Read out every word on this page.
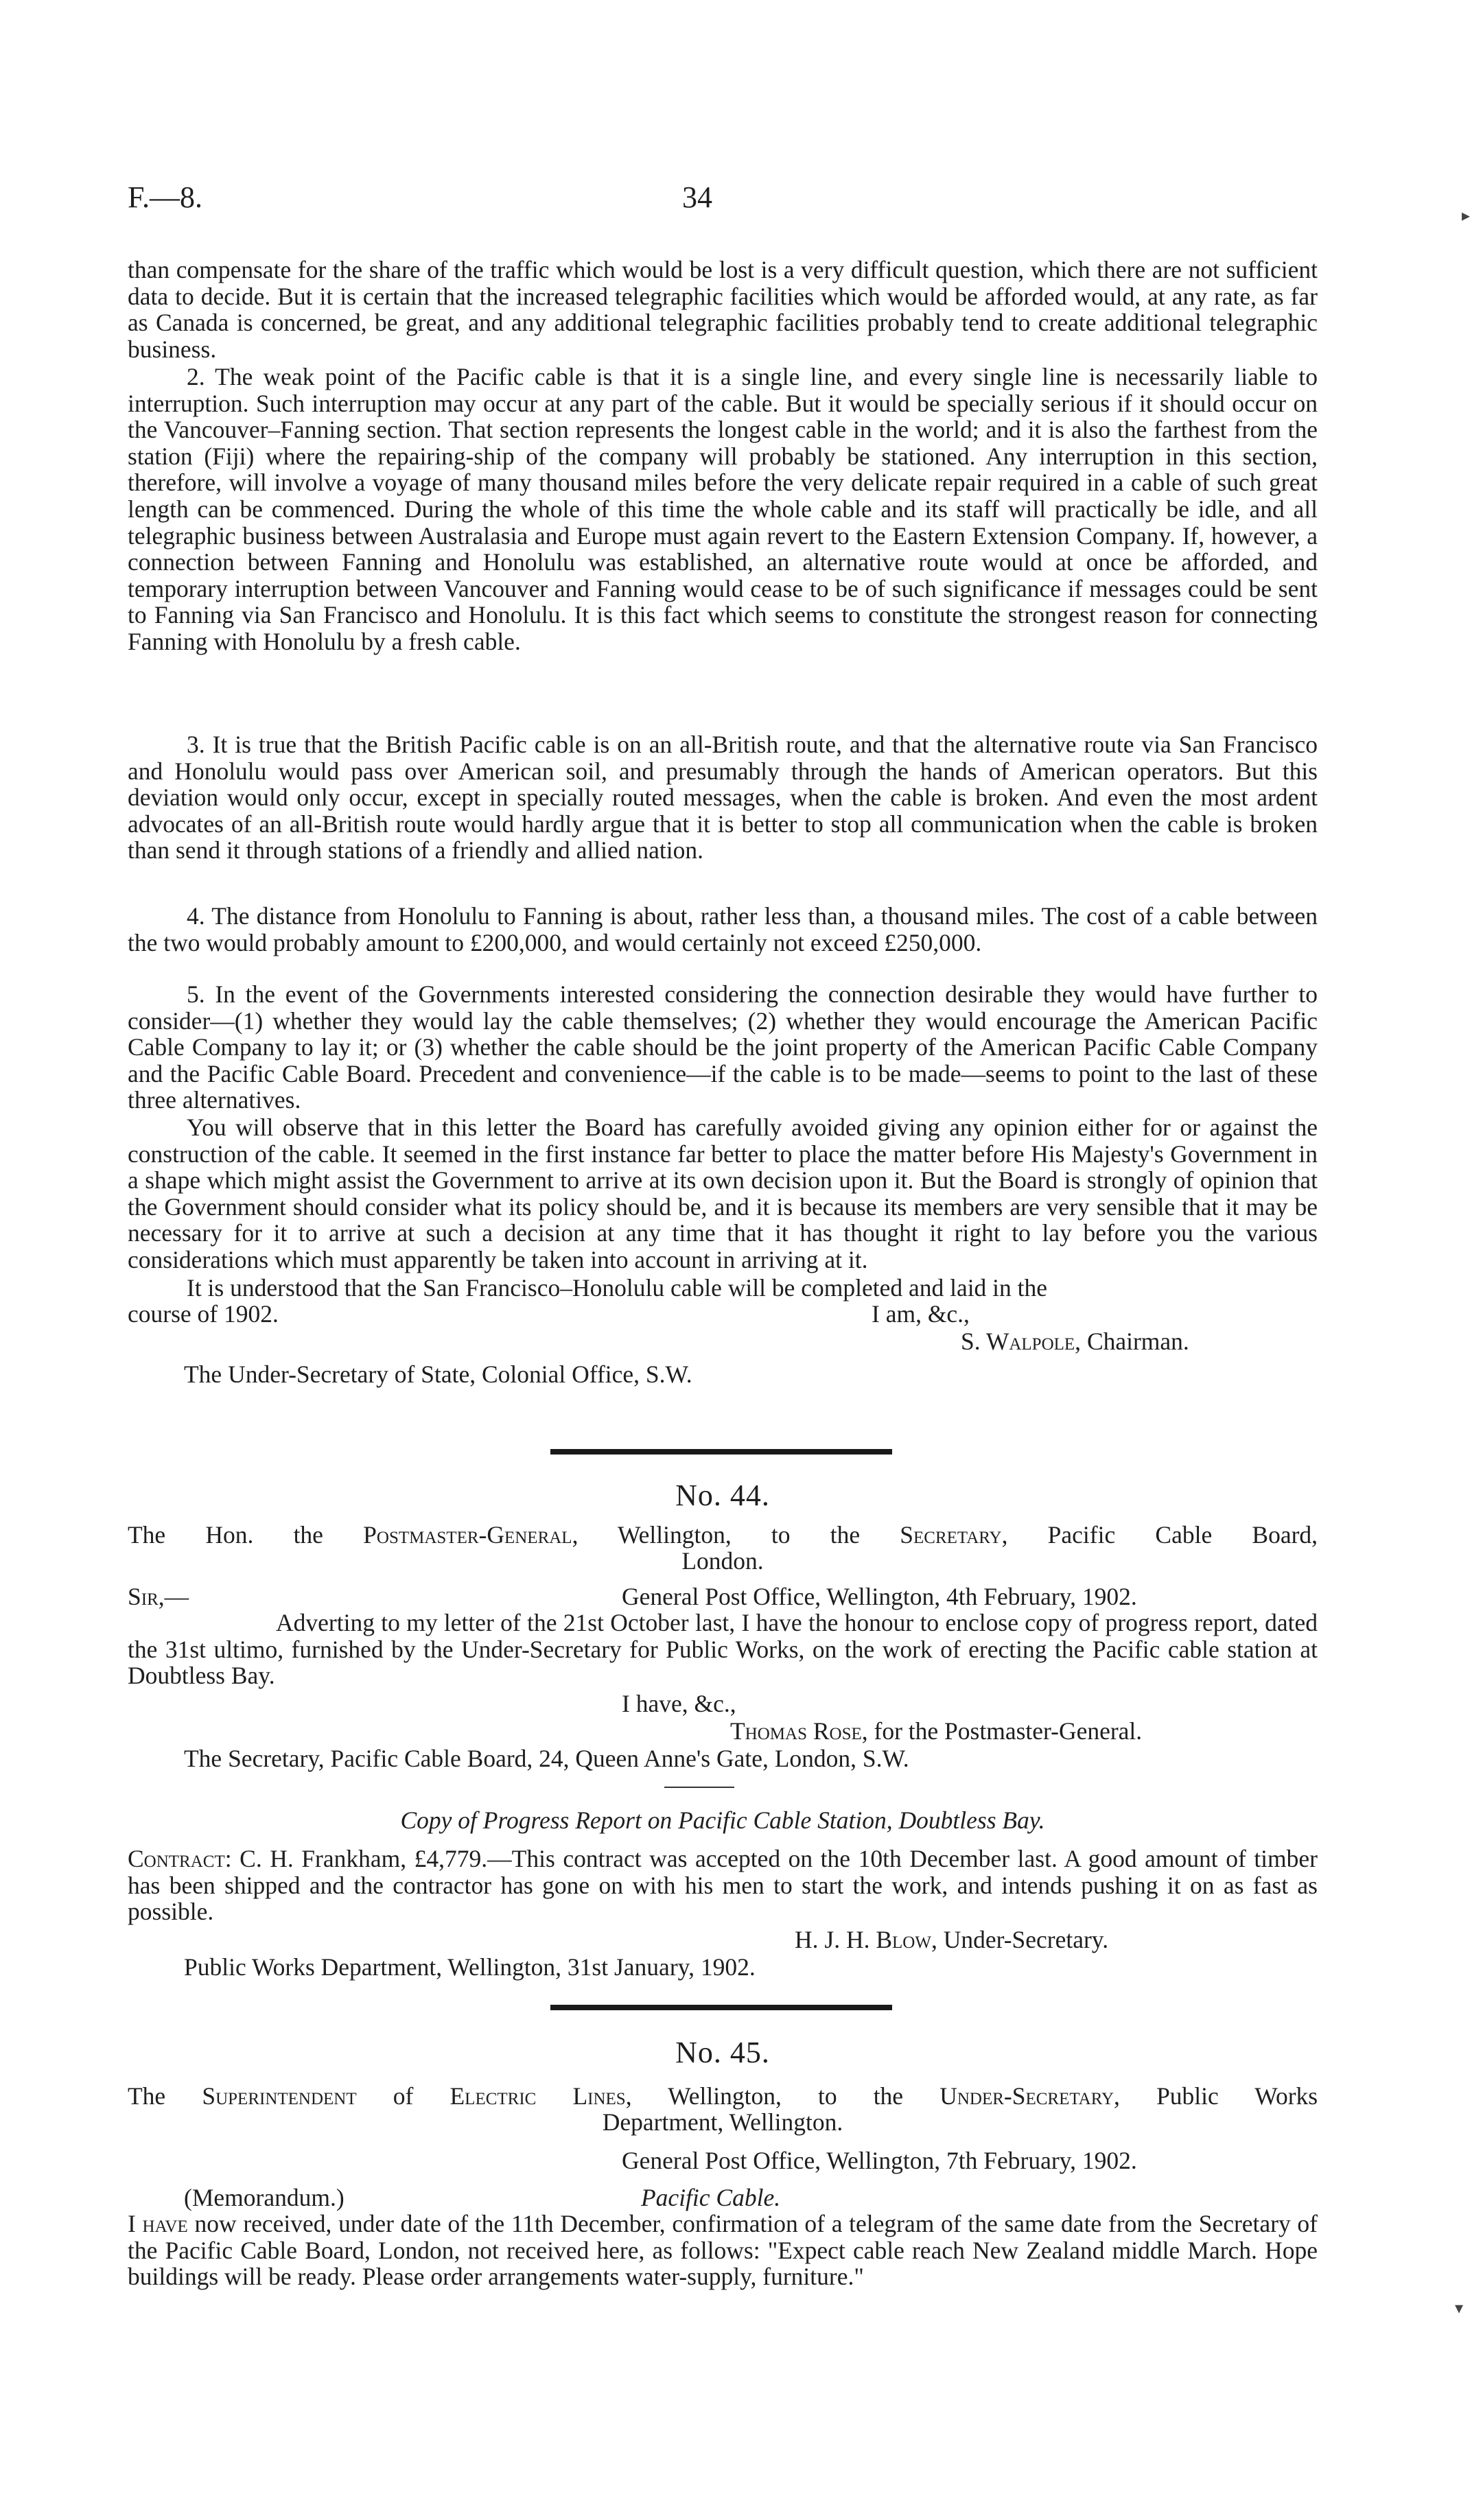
F.—8.	34

than compensate for the share of the traffic which would be lost is a very difficult question, which there are not sufficient data to decide. But it is certain that the increased telegraphic facilities which would be afforded would, at any rate, as far as Canada is concerned, be great, and any additional telegraphic facilities probably tend to create additional telegraphic business.

2. The weak point of the Pacific cable is that it is a single line, and every single line is necessarily liable to interruption. Such interruption may occur at any part of the cable. But it would be specially serious if it should occur on the Vancouver–Fanning section. That section represents the longest cable in the world; and it is also the farthest from the station (Fiji) where the repairing-ship of the company will probably be stationed. Any interruption in this section, therefore, will involve a voyage of many thousand miles before the very delicate repair required in a cable of such great length can be commenced. During the whole of this time the whole cable and its staff will practically be idle, and all telegraphic business between Australasia and Europe must again revert to the Eastern Extension Company. If, however, a connection between Fanning and Honolulu was established, an alternative route would at once be afforded, and temporary interruption between Vancouver and Fanning would cease to be of such significance if messages could be sent to Fanning via San Francisco and Honolulu. It is this fact which seems to constitute the strongest reason for connecting Fanning with Honolulu by a fresh cable.

3. It is true that the British Pacific cable is on an all-British route, and that the alternative route via San Francisco and Honolulu would pass over American soil, and presumably through the hands of American operators. But this deviation would only occur, except in specially routed messages, when the cable is broken. And even the most ardent advocates of an all-British route would hardly argue that it is better to stop all communication when the cable is broken than send it through stations of a friendly and allied nation.

4. The distance from Honolulu to Fanning is about, rather less than, a thousand miles. The cost of a cable between the two would probably amount to £200,000, and would certainly not exceed £250,000.

5. In the event of the Governments interested considering the connection desirable they would have further to consider—(1) whether they would lay the cable themselves; (2) whether they would encourage the American Pacific Cable Company to lay it; or (3) whether the cable should be the joint property of the American Pacific Cable Company and the Pacific Cable Board. Precedent and convenience—if the cable is to be made—seems to point to the last of these three alternatives.

You will observe that in this letter the Board has carefully avoided giving any opinion either for or against the construction of the cable. It seemed in the first instance far better to place the matter before His Majesty's Government in a shape which might assist the Government to arrive at its own decision upon it. But the Board is strongly of opinion that the Government should consider what its policy should be, and it is because its members are very sensible that it may be necessary for it to arrive at such a decision at any time that it has thought it right to lay before you the various considerations which must apparently be taken into account in arriving at it.

It is understood that the San Francisco–Honolulu cable will be completed and laid in the

course of 1902.	I am, &c.,

S. Walpole, Chairman.

The Under-Secretary of State, Colonial Office, S.W.

No. 44.

The Hon. the Postmaster-General, Wellington, to the Secretary, Pacific Cable Board,

London.

Sir,—	General Post Office, Wellington, 4th February, 1902.

Adverting to my letter of the 21st October last, I have the honour to enclose copy of progress report, dated the 31st ultimo, furnished by the Under-Secretary for Public Works, on the work of erecting the Pacific cable station at Doubtless Bay.

I have, &c.,

Thomas Rose, for the Postmaster-General.

The Secretary, Pacific Cable Board, 24, Queen Anne's Gate, London, S.W.

Copy of Progress Report on Pacific Cable Station, Doubtless Bay.

Contract: C. H. Frankham, £4,779.—This contract was accepted on the 10th December last. A good amount of timber has been shipped and the contractor has gone on with his men to start the work, and intends pushing it on as fast as possible.

H. J. H. Blow, Under-Secretary.

Public Works Department, Wellington, 31st January, 1902.

No. 45.

The Superintendent of Electric Lines, Wellington, to the Under-Secretary, Public Works

Department, Wellington.

General Post Office, Wellington, 7th February, 1902.

(Memorandum.)	Pacific Cable.

I have now received, under date of the 11th December, confirmation of a telegram of the same date from the Secretary of the Pacific Cable Board, London, not received here, as follows: "Expect cable reach New Zealand middle March. Hope buildings will be ready. Please order arrangements water-supply, furniture."

▸
▾
